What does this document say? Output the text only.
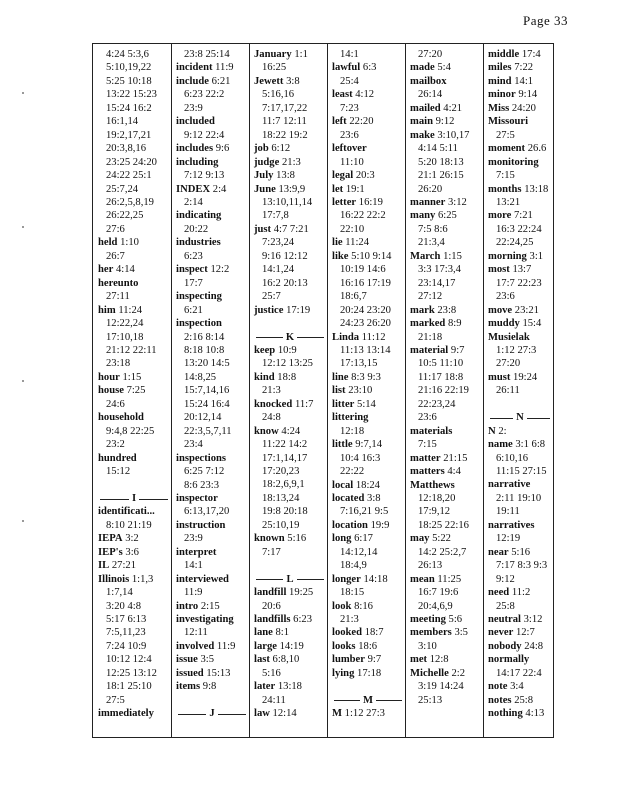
Page 33
4:24 5:3,6
5:10,19,22
5:25 10:18
13:22 15:23
15:24 16:2
16:1,14
19:2,17,21
20:3,8,16
23:25 24:20
24:22 25:1
25:7,24
26:2,5,8,19
26:22,25
27:6
held 1:10
26:7
her 4:14
hereunto
27:11
him 11:24
12:22,24
17:10,18
21:12 22:11
23:18
hour 1:15
house 7:25
24:6
household
9:4,8 22:25
23:2
hundred
15:12

I
identificati...
8:10 21:19
IEPA 3:2
IEP's 3:6
IL 27:21
Illinois 1:1,3
1:7,14
3:20 4:8
5:17 6:13
7:5,11,23
7:24 10:9
10:12 12:4
12:25 13:12
18:1 25:10
27:5
immediately
23:8 25:14
incident 11:9
include 6:21
6:23 22:2
23:9
included
9:12 22:4
includes 9:6
including
7:12 9:13
INDEX 2:4
2:14
indicating
20:22
industries
6:23
inspect 12:2
17:7
inspecting
6:21
inspection
2:16 8:14
8:18 10:8
13:20 14:5
14:8,25
15:7,14,16
15:24 16:4
20:12,14
22:3,5,7,11
23:4
inspections
6:25 7:12
8:6 23:3
inspector
6:13,17,20
instruction
23:9
interpret
14:1
interviewed
11:9
intro 2:15
investigating
12:11
involved 11:9
issue 3:5
issued 15:13
items 9:8

J
January 1:1
16:25
Jewett 3:8
5:16,16
7:17,17,22
11:7 12:11
18:22 19:2
job 6:12
judge 21:3
July 13:8
June 13:9,9
13:10,11,14
17:7,8
just 4:7 7:21
7:23,24
9:16 12:12
14:1,24
16:2 20:13
25:7
justice 17:19

K
keep 10:9
12:12 13:25
kind 18:8
21:3
knocked 11:7
24:8
know 4:24
11:22 14:2
17:1,14,17
17:20,23
18:2,6,9,1
18:13,24
19:8 20:18
25:10,19
known 5:16
7:17

L
landfill 19:25
20:6
landfills 6:23
lane 8:1
large 14:19
last 6:8,10
5:16
later 13:18
24:11
law 12:14
14:1
lawful 6:3
25:4
least 4:12
7:23
left 22:20
23:6
leftover
11:10
legal 20:3
let 19:1
letter 16:19
16:22 22:2
22:10
lie 11:24
like 5:10 9:14
10:19 14:6
16:16 17:19
18:6,7
20:24 23:20
24:23 26:20
Linda 11:12
11:13 13:14
17:13,15
line 8:3 9:3
list 23:10
litter 5:14
littering
12:18
little 9:7,14
10:4 16:3
22:22
local 18:24
located 3:8
7:16,21 9:5
location 19:9
long 6:17
14:12,14
18:4,9
longer 14:18
18:15
look 8:16
21:3
looked 18:7
looks 18:6
lumber 9:7
lying 17:18

M
M 1:12 27:3
27:20
made 5:4
mailbox
26:14
mailed 4:21
main 9:12
make 3:10,17
4:14 5:11
5:20 18:13
21:1 26:15
26:20
manner 3:12
many 6:25
7:5 8:6
21:3,4
March 1:15
3:3 17:3,4
23:14,17
27:12
mark 23:8
marked 8:9
21:18
material 9:7
10:5 11:10
11:17 18:8
21:16 22:19
22:23,24
23:6
materials
7:15
matter 21:15
matters 4:4
Matthews
12:18,20
17:9,12
18:25 22:16
may 5:22
14:2 25:2,7
26:13
mean 11:25
16:7 19:6
20:4,6,9
meeting 5:6
members 3:5
3:10
met 12:8
Michelle 2:2
3:19 14:24
25:13
middle 17:4
miles 7:22
mind 14:1
minor 9:14
Miss 24:20
Missouri
27:5
moment 26.6
monitoring
7:15
months 13:18
13:21
more 7:21
16:3 22:24
22:24,25
morning 3:1
most 13:7
17:7 22:23
23:6
move 23:21
muddy 15:4
Musielak
1:12 27:3
27:20
must 19:24
26:11

N
N 2:
name 3:1 6:8
6:10,16
11:15 27:15
narrative
2:11 19:10
19:11
narratives
12:19
near 5:16
7:17 8:3 9:3
9:12
need 11:2
25:8
neutral 3:12
never 12:7
nobody 24:8
normally
14:17 22:4
note 3:4
notes 25:8
nothing 4:13
